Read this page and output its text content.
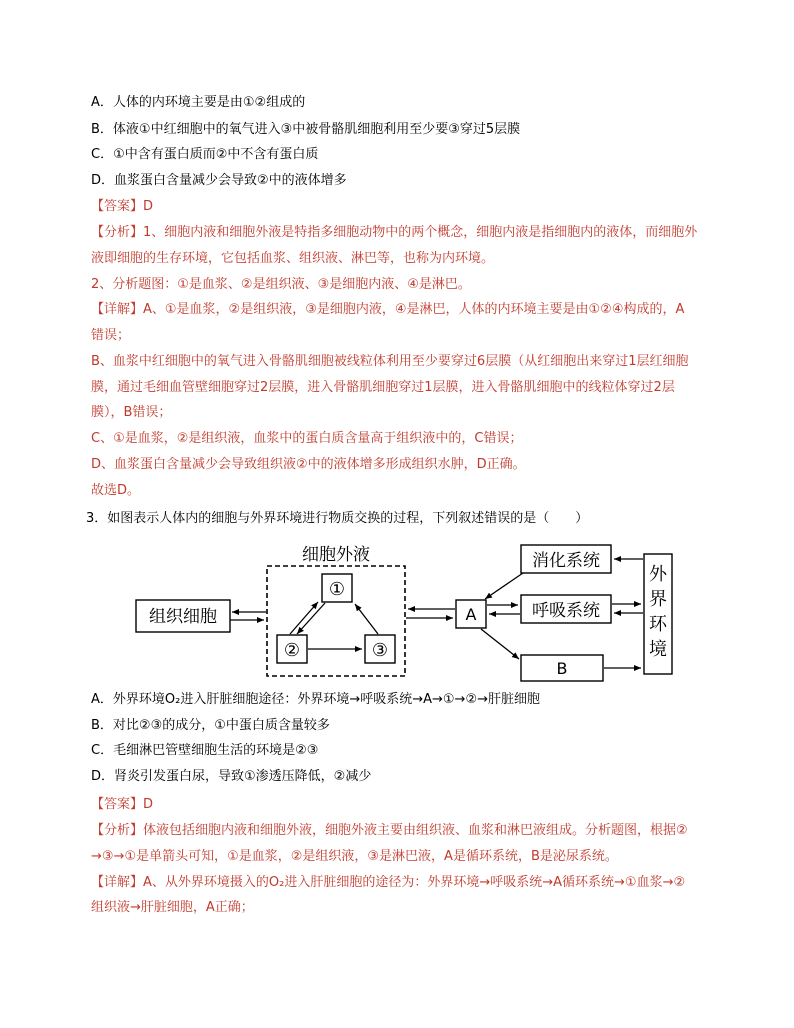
A．人体的内环境主要是由①②组成的
B．体液①中红细胞中的氧气进入③中被骨骼肌细胞利用至少要③穿过5层膜
C．①中含有蛋白质而②中不含有蛋白质
D．血浆蛋白含量减少会导致②中的液体增多
【答案】D
【分析】1、细胞内液和细胞外液是特指多细胞动物中的两个概念，细胞内液是指细胞内的液体，而细胞外
液即细胞的生存环境，它包括血浆、组织液、淋巴等，也称为内环境。
2、分析题图：①是血浆、②是组织液、③是细胞内液、④是淋巴。
【详解】A、①是血浆，②是组织液，③是细胞内液，④是淋巴，人体的内环境主要是由①②④构成的，A
错误；
B、血浆中红细胞中的氧气进入骨骼肌细胞被线粒体利用至少要穿过6层膜（从红细胞出来穿过1层红细胞
膜，通过毛细血管壁细胞穿过2层膜，进入骨骼肌细胞穿过1层膜，进入骨骼肌细胞中的线粒体穿过2层
膜），B错误；
C、①是血浆，②是组织液，血浆中的蛋白质含量高于组织液中的，C错误；
D、血浆蛋白含量减少会导致组织液②中的液体增多形成组织水肿，D正确。
故选D。
3．如图表示人体内的细胞与外界环境进行物质交换的过程，下列叙述错误的是（　　）
A．外界环境O₂进入肝脏细胞途径：外界环境→呼吸系统→A→①→②→肝脏细胞
B．对比②③的成分，①中蛋白质含量较多
C．毛细淋巴管壁细胞生活的环境是②③
D．肾炎引发蛋白尿，导致①渗透压降低，②减少
【答案】D
【分析】体液包括细胞内液和细胞外液，细胞外液主要由组织液、血浆和淋巴液组成。分析题图，根据②
→③→①是单箭头可知，①是血浆，②是组织液，③是淋巴液，A是循环系统，B是泌尿系统。
【详解】A、从外界环境摄入的O₂进入肝脏细胞的途径为：外界环境→呼吸系统→A循环系统→①血浆→②
组织液→肝脏细胞，A正确；
细胞外液
组织细胞
①
②	③
A
消化系统
呼吸系统
B
外
界
环
境
